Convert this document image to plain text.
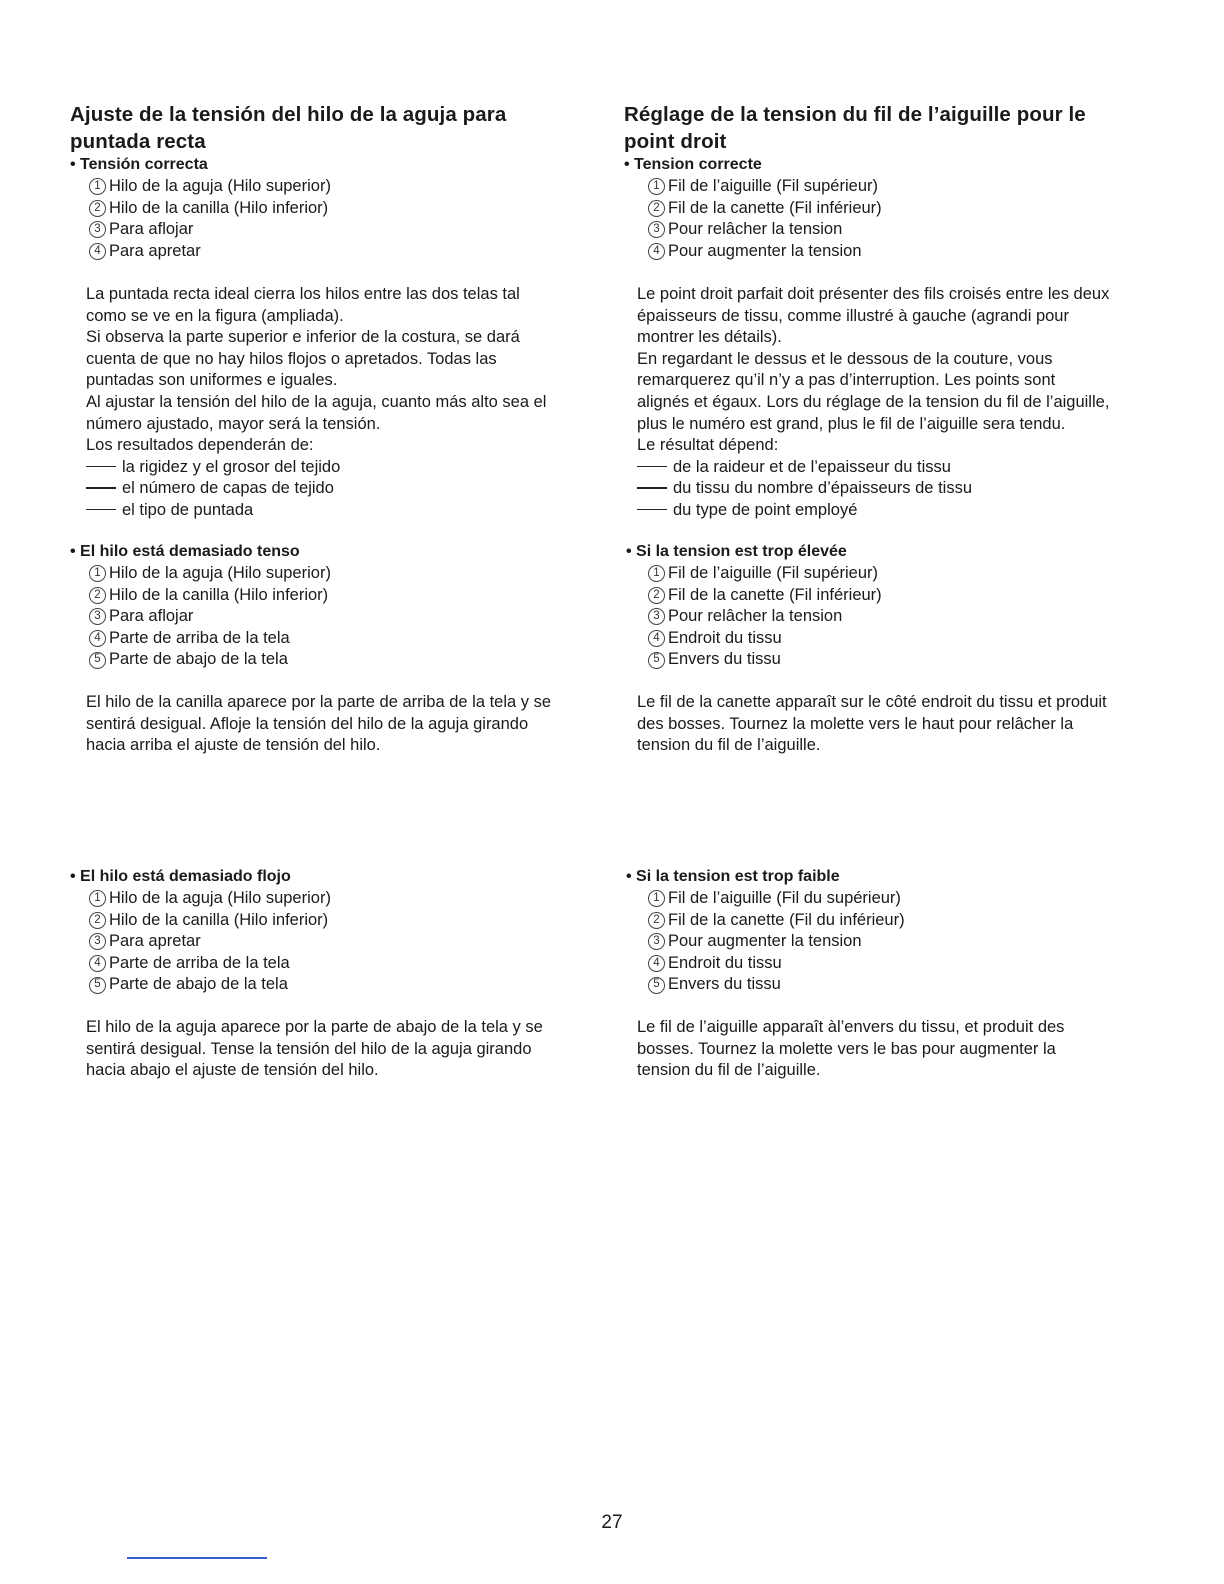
Ajuste de la tensión del hilo de la aguja para
puntada recta

• Tensión correcta

1 Hilo de la aguja (Hilo superior)
2 Hilo de la canilla (Hilo inferior)
3 Para aflojar
4 Para apretar
La puntada recta ideal cierra los hilos entre las dos telas tal
como se ve en la figura (ampliada).
Si observa la parte superior e inferior de la costura, se dará
cuenta de que no hay hilos flojos o apretados. Todas las
puntadas son uniformes e iguales.
Al ajustar la tensión del hilo de la aguja, cuanto más alto sea el
número ajustado, mayor será la tensión.
Los resultados dependerán de:
la rigidez y el grosor del tejido
el número de capas de tejido
el tipo de puntada

• El hilo está demasiado tenso

1 Hilo de la aguja (Hilo superior)
2 Hilo de la canilla (Hilo inferior)
3 Para aflojar
4 Parte de arriba de la tela
5 Parte de abajo de la tela
El hilo de la canilla aparece por la parte de arriba de la tela y se
sentirá desigual. Afloje la tensión del hilo de la aguja girando
hacia arriba el ajuste de tensión del hilo.

• El hilo está demasiado flojo

1 Hilo de la aguja (Hilo superior)
2 Hilo de la canilla (Hilo inferior)
3 Para apretar
4 Parte de arriba de la tela
5 Parte de abajo de la tela
El hilo de la aguja aparece por la parte de abajo de la tela y se
sentirá desigual. Tense la tensión del hilo de la aguja girando
hacia abajo el ajuste de tensión del hilo.
Réglage de la tension du fil de l’aiguille pour le
point droit

• Tension correcte

1 Fil de l’aiguille (Fil supérieur)
2 Fil de la canette (Fil inférieur)
3 Pour relâcher la tension
4 Pour augmenter la tension
Le point droit parfait doit présenter des fils croisés entre les deux
épaisseurs de tissu, comme illustré à gauche (agrandi pour
montrer les détails).
En regardant le dessus et le dessous de la couture, vous
remarquerez qu’il n’y a pas d’interruption. Les points sont
alignés et égaux. Lors du réglage de la tension du fil de l’aiguille,
plus le numéro est grand, plus le fil de l’aiguille sera tendu.
Le résultat dépend:
de la raideur et de l’epaisseur du tissu
du tissu du nombre d’épaisseurs de tissu
du type de point employé

• Si la tension est trop élevée

1 Fil de l’aiguille (Fil supérieur)
2 Fil de la canette (Fil inférieur)
3 Pour relâcher la tension
4 Endroit du tissu
5 Envers du tissu
Le fil de la canette apparaît sur le côté endroit du tissu et produit
des bosses. Tournez la molette vers le haut pour relâcher la
tension du fil de l’aiguille.

• Si la tension est trop faible

1 Fil de l’aiguille (Fil du supérieur)
2 Fil de la canette (Fil du inférieur)
3 Pour augmenter la tension
4 Endroit du tissu
5 Envers du tissu
Le fil de l’aiguille apparaît àl’envers du tissu, et produit des
bosses. Tournez la molette vers le bas pour augmenter la
tension du fil de l’aiguille.
27
